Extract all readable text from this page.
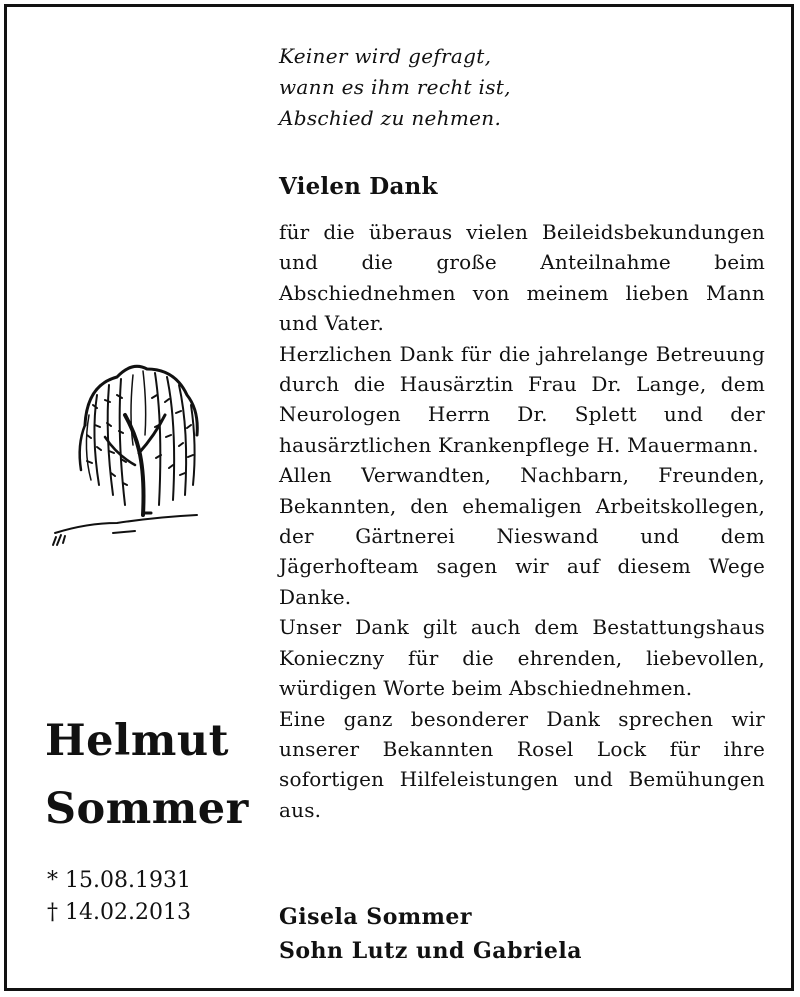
Keiner wird gefragt,
wann es ihm recht ist,
Abschied zu nehmen.
Vielen Dank

für die überaus vielen Beileidsbekundungen und die große Anteilnahme beim Abschiednehmen von meinem lieben Mann und Vater.

Herzlichen Dank für die jahrelange Betreuung durch die Hausärztin Frau Dr. Lange, dem Neurologen Herrn Dr. Splett und der hausärztlichen Krankenpflege H. Mauermann.

Allen Verwandten, Nachbarn, Freunden, Bekannten, den ehemaligen Arbeitskollegen, der Gärtnerei Nieswand und dem Jägerhofteam sagen wir auf diesem Wege Danke.

Unser Dank gilt auch dem Bestattungshaus Konieczny für die ehrenden, liebevollen, würdigen Worte beim Abschiednehmen.

Eine ganz besonderer Dank sprechen wir unserer Bekannten Rosel Lock für ihre sofortigen Hilfeleistungen und Bemühungen aus.

Helmut
Sommer
* 15.08.1931
† 14.02.2013	Gisela Sommer
Sohn Lutz und Gabriela
